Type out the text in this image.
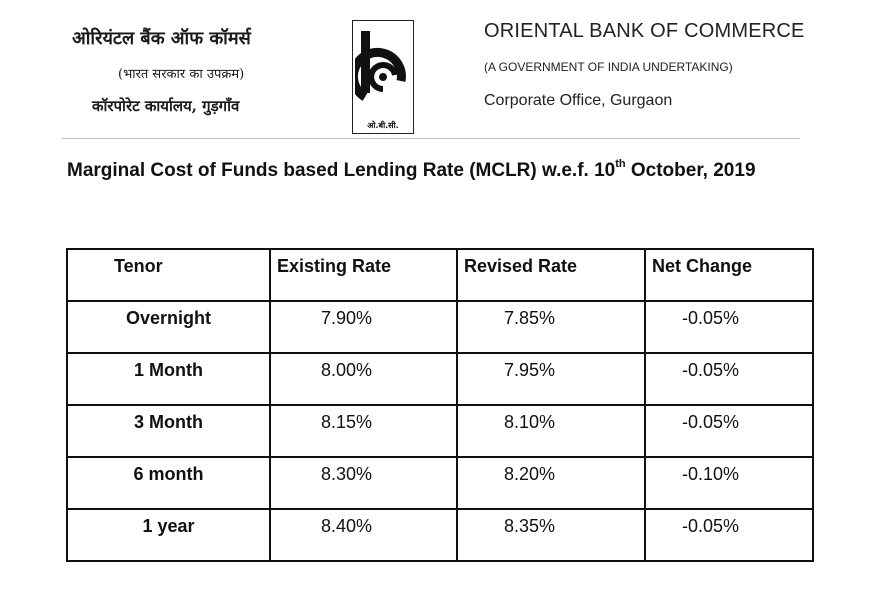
ओरियंटल बैंक ऑफ कॉमर्स
(भारत सरकार का उपक्रम)
कॉरपोरेट कार्यालय, गुड़गाँव
ओ.बी.सी.
ORIENTAL BANK OF COMMERCE
(A GOVERNMENT OF INDIA UNDERTAKING)
Corporate Office, Gurgaon
Marginal Cost of Funds based Lending Rate (MCLR) w.e.f. 10th October, 2019
Tenor	Existing Rate	Revised Rate	Net Change

Overnight	7.90%	7.85%	-0.05%

1 Month	8.00%	7.95%	-0.05%

3 Month	8.15%	8.10%	-0.05%

6 month	8.30%	8.20%	-0.10%

1 year	8.40%	8.35%	-0.05%
